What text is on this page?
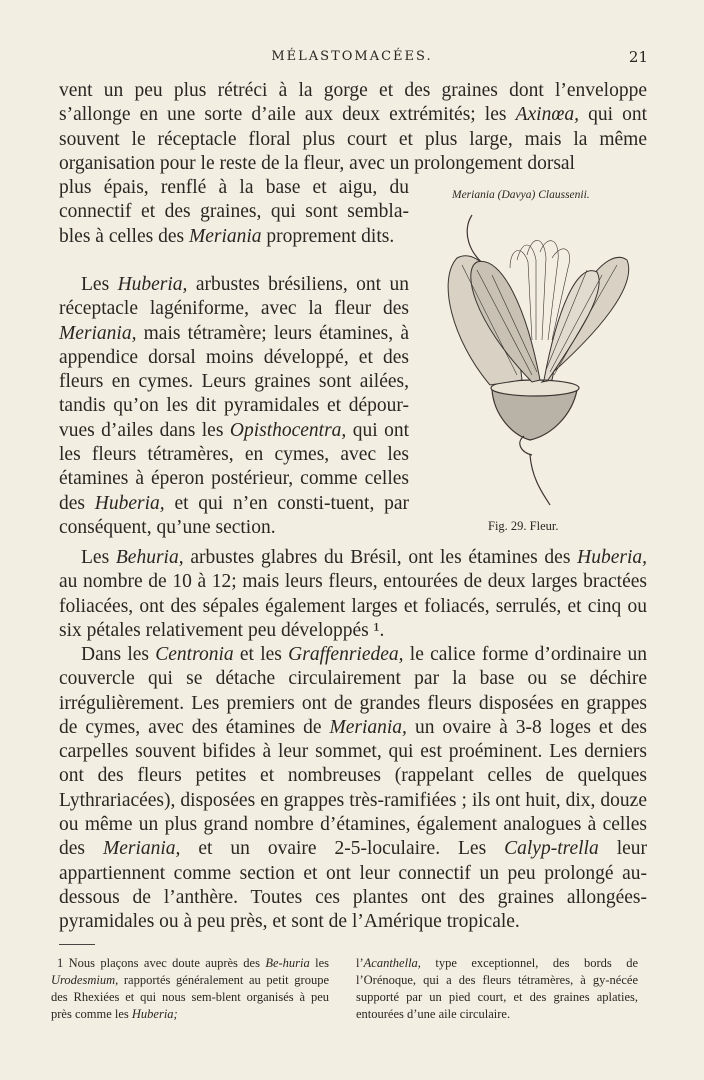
MÉLASTOMACÉES.	21

vent un peu plus rétréci à la gorge et des graines dont l’enveloppe s’allonge en une sorte d’aile aux deux extrémités; les Axinœa, qui ont souvent le réceptacle floral plus court et plus large, mais la même organisation pour le reste de la fleur, avec un prolongement dorsal
plus épais, renflé à la base et aigu, du connectif et des graines, qui sont sembla-bles à celles des Meriania proprement dits.

Les Huberia, arbustes brésiliens, ont un réceptacle lagéniforme, avec la fleur des Meriania, mais tétramère; leurs étamines, à appendice dorsal moins développé, et des fleurs en cymes. Leurs graines sont ailées, tandis qu’on les dit pyramidales et dépour-vues d’ailes dans les Opisthocentra, qui ont les fleurs tétramères, en cymes, avec les étamines à éperon postérieur, comme celles des Huberia, et qui n’en consti-tuent, par conséquent, qu’une section.

Meriania (Davya) Claussenii.
Fig. 29. Fleur.

Les Behuria, arbustes glabres du Brésil, ont les étamines des Huberia, au nombre de 10 à 12; mais leurs fleurs, entourées de deux larges bractées foliacées, ont des sépales également larges et foliacés, serrulés, et cinq ou six pétales relativement peu développés ¹.

Dans les Centronia et les Graffenriedea, le calice forme d’ordinaire un couvercle qui se détache circulairement par la base ou se déchire irrégulièrement. Les premiers ont de grandes fleurs disposées en grappes de cymes, avec des étamines de Meriania, un ovaire à 3-8 loges et des carpelles souvent bifides à leur sommet, qui est proéminent. Les derniers ont des fleurs petites et nombreuses (rappelant celles de quelques Lythrariacées), disposées en grappes très-ramifiées ; ils ont huit, dix, douze ou même un plus grand nombre d’étamines, également analogues à celles des Meriania, et un ovaire 2-5-loculaire. Les Calyp-trella leur appartiennent comme section et ont leur connectif un peu prolongé au-dessous de l’anthère. Toutes ces plantes ont des graines allongées-pyramidales ou à peu près, et sont de l’Amérique tropicale.

1 Nous plaçons avec doute auprès des Be-huria les Urodesmium, rapportés généralement au petit groupe des Rhexiées et qui nous sem-blent organisés à peu près comme les Huberia;
l’Acanthella, type exceptionnel, des bords de l’Orénoque, qui a des fleurs tétramères, à gy-nécée supporté par un pied court, et des graines aplaties, entourées d’une aile circulaire.
